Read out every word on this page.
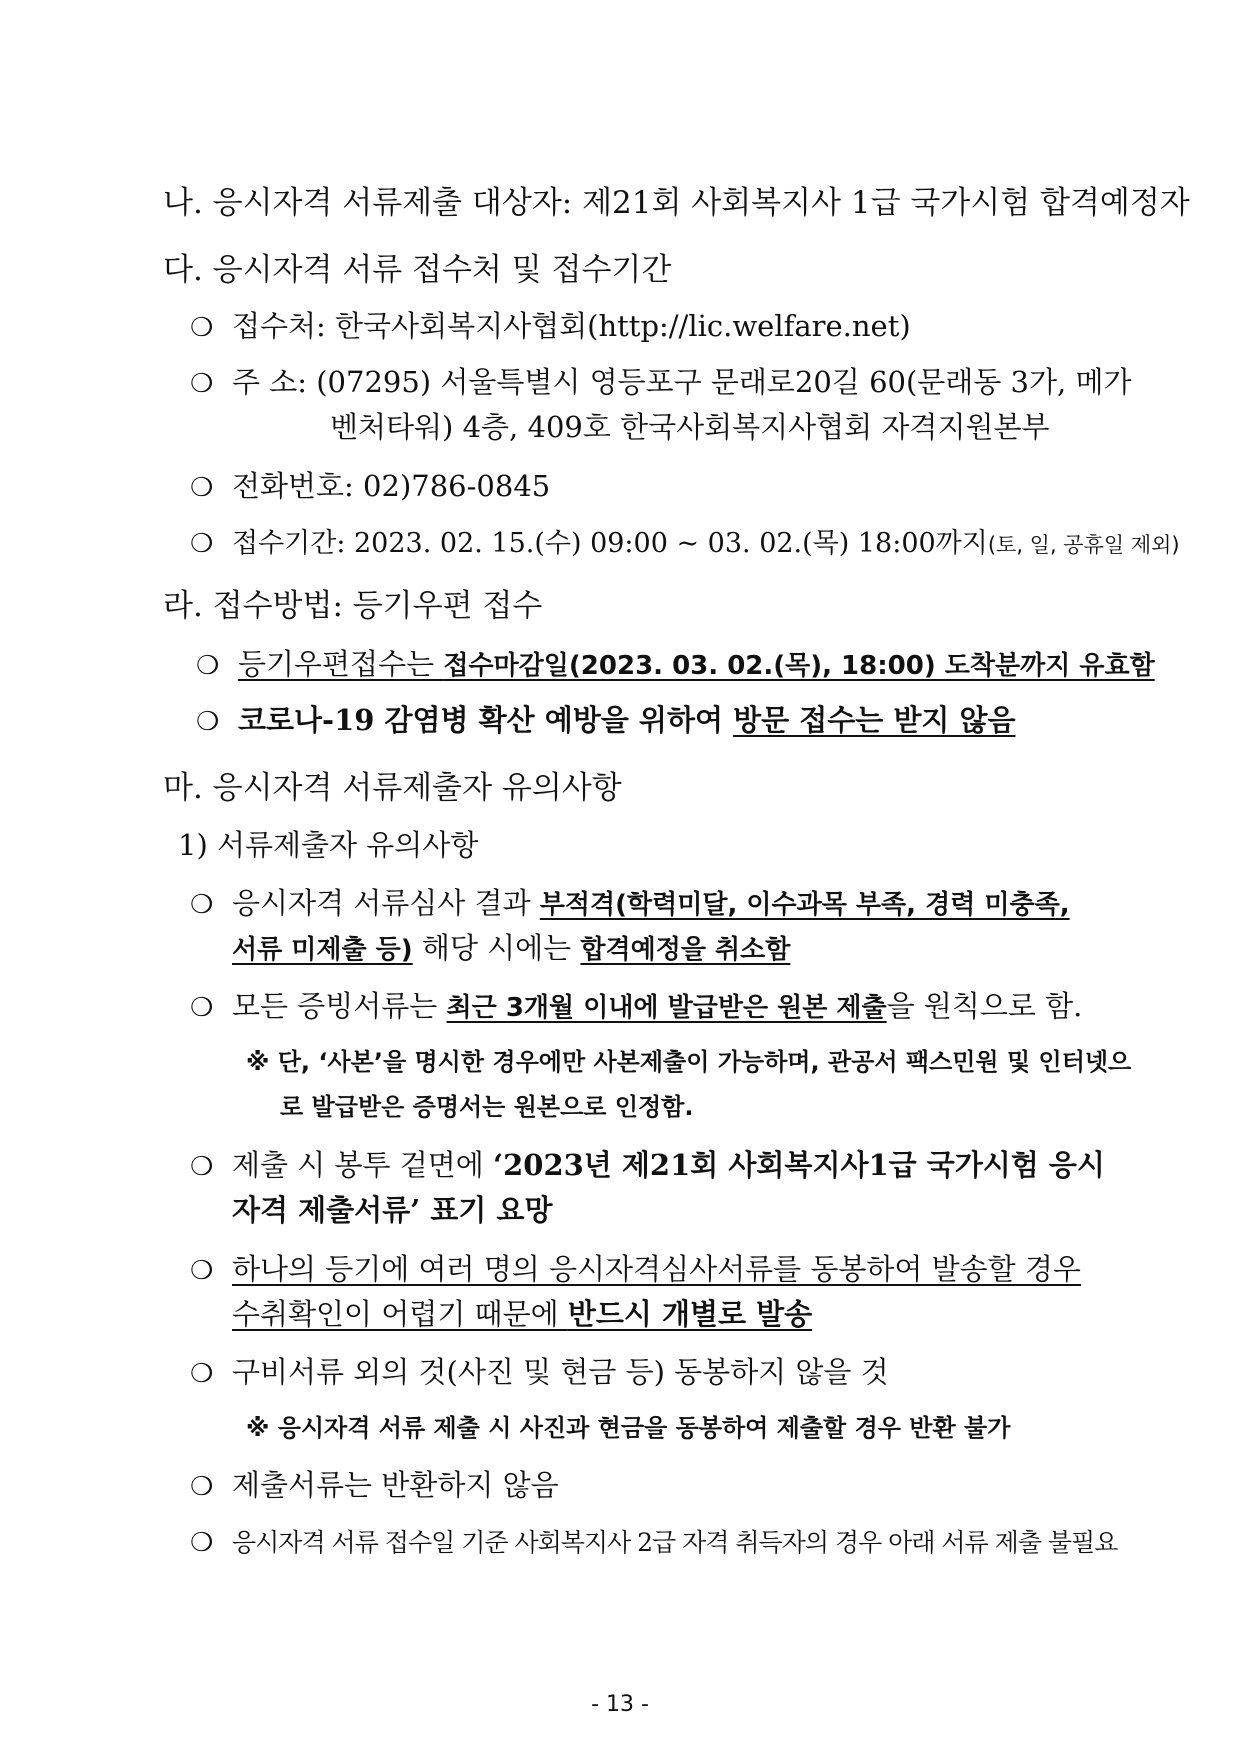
나. 응시자격 서류제출 대상자: 제21회 사회복지사 1급 국가시험 합격예정자
다. 응시자격 서류 접수처 및 접수기간
❍ 접수처: 한국사회복지사협회(http://lic.welfare.net)
❍ 주 소: (07295) 서울특별시 영등포구 문래로20길 60(문래동 3가, 메가
벤처타워) 4층, 409호 한국사회복지사협회 자격지원본부
❍ 전화번호: 02)786-0845
❍ 접수기간: 2023. 02. 15.(수) 09:00 ~ 03. 02.(목) 18:00까지(토, 일, 공휴일 제외)
라. 접수방법: 등기우편 접수
❍ 등기우편접수는 접수마감일(2023. 03. 02.(목), 18:00) 도착분까지 유효함
❍ 코로나-19 감염병 확산 예방을 위하여 방문 접수는 받지 않음
마. 응시자격 서류제출자 유의사항
1) 서류제출자 유의사항
❍ 응시자격 서류심사 결과 부적격(학력미달, 이수과목 부족, 경력 미충족,
서류 미제출 등) 해당 시에는 합격예정을 취소함
❍ 모든 증빙서류는 최근 3개월 이내에 발급받은 원본 제출을 원칙으로 함.
※ 단, ‘사본’을 명시한 경우에만 사본제출이 가능하며, 관공서 팩스민원 및 인터넷으
로 발급받은 증명서는 원본으로 인정함.
❍ 제출 시 봉투 겉면에 ‘2023년 제21회 사회복지사1급 국가시험 응시
자격 제출서류’ 표기 요망
❍ 하나의 등기에 여러 명의 응시자격심사서류를 동봉하여 발송할 경우
수취확인이 어렵기 때문에 반드시 개별로 발송
❍ 구비서류 외의 것(사진 및 현금 등) 동봉하지 않을 것
※ 응시자격 서류 제출 시 사진과 현금을 동봉하여 제출할 경우 반환 불가
❍ 제출서류는 반환하지 않음
❍ 응시자격 서류 접수일 기준 사회복지사 2급 자격 취득자의 경우 아래 서류 제출 불필요
- 13 -
